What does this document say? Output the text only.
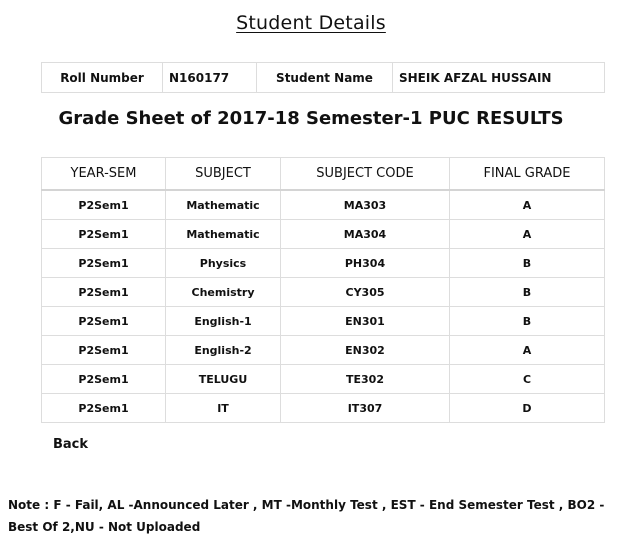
Student Details
Roll Number	N160177	Student Name	SHEIK AFZAL HUSSAIN
Grade Sheet of 2017-18 Semester-1 PUC RESULTS
YEAR-SEM	SUBJECT	SUBJECT CODE	FINAL GRADE
P2Sem1	Mathematic	MA303	A
P2Sem1	Mathematic	MA304	A
P2Sem1	Physics	PH304	B
P2Sem1	Chemistry	CY305	B
P2Sem1	English-1	EN301	B
P2Sem1	English-2	EN302	A
P2Sem1	TELUGU	TE302	C
P2Sem1	IT	IT307	D
Back
Note : F - Fail, AL -Announced Later , MT -Monthly Test , EST - End Semester Test , BO2 - Best Of 2,NU - Not Uploaded
